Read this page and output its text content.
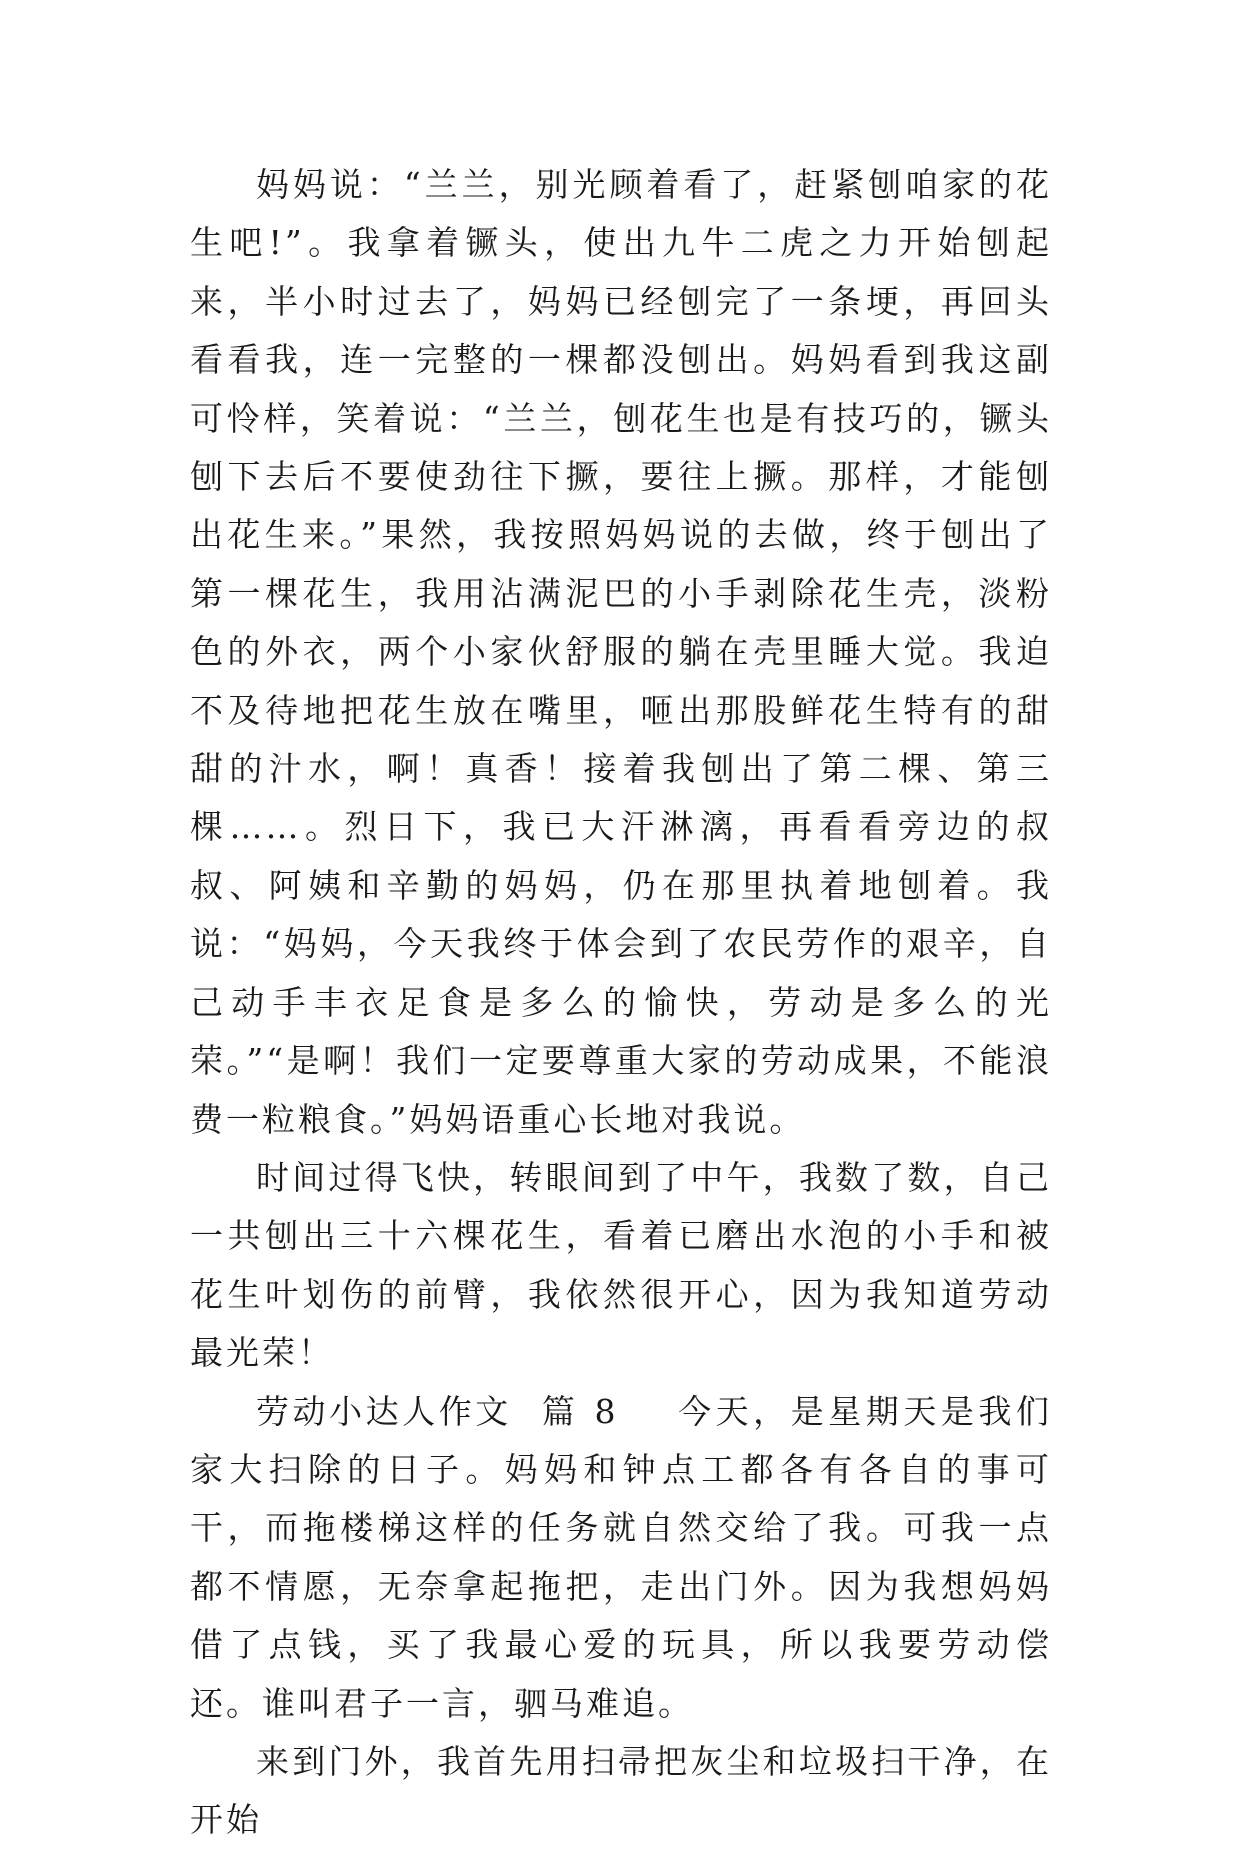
妈妈说：“兰兰，别光顾着看了，赶紧刨咱家的花生吧!”。我拿着镢头，使出九牛二虎之力开始刨起来，半小时过去了，妈妈已经刨完了一条埂，再回头看看我，连一完整的一棵都没刨出。妈妈看到我这副可怜样，笑着说：“兰兰，刨花生也是有技巧的，镢头刨下去后不要使劲往下撅，要往上撅。那样，才能刨出花生来。”果然，我按照妈妈说的去做，终于刨出了第一棵花生，我用沾满泥巴的小手剥除花生壳，淡粉色的外衣，两个小家伙舒服的躺在壳里睡大觉。我迫不及待地把花生放在嘴里，咂出那股鲜花生特有的甜甜的汁水，啊！真香！接着我刨出了第二棵、第三棵……。烈日下，我已大汗淋漓，再看看旁边的叔叔、阿姨和辛勤的妈妈，仍在那里执着地刨着。我说：“妈妈，今天我终于体会到了农民劳作的艰辛，自己动手丰衣足食是多么的愉快，劳动是多么的光荣。”“是啊！我们一定要尊重大家的劳动成果，不能浪费一粒粮食。”妈妈语重心长地对我说。

时间过得飞快，转眼间到了中午，我数了数，自己一共刨出三十六棵花生，看着已磨出水泡的小手和被花生叶划伤的前臂，我依然很开心，因为我知道劳动最光荣！

劳动小达人作文 篇 8 今天，是星期天是我们家大扫除的日子。妈妈和钟点工都各有各自的事可干，而拖楼梯这样的任务就自然交给了我。可我一点都不情愿，无奈拿起拖把，走出门外。因为我想妈妈借了点钱，买了我最心爱的玩具，所以我要劳动偿还。谁叫君子一言，驷马难追。

来到门外，我首先用扫帚把灰尘和垃圾扫干净，在开始
